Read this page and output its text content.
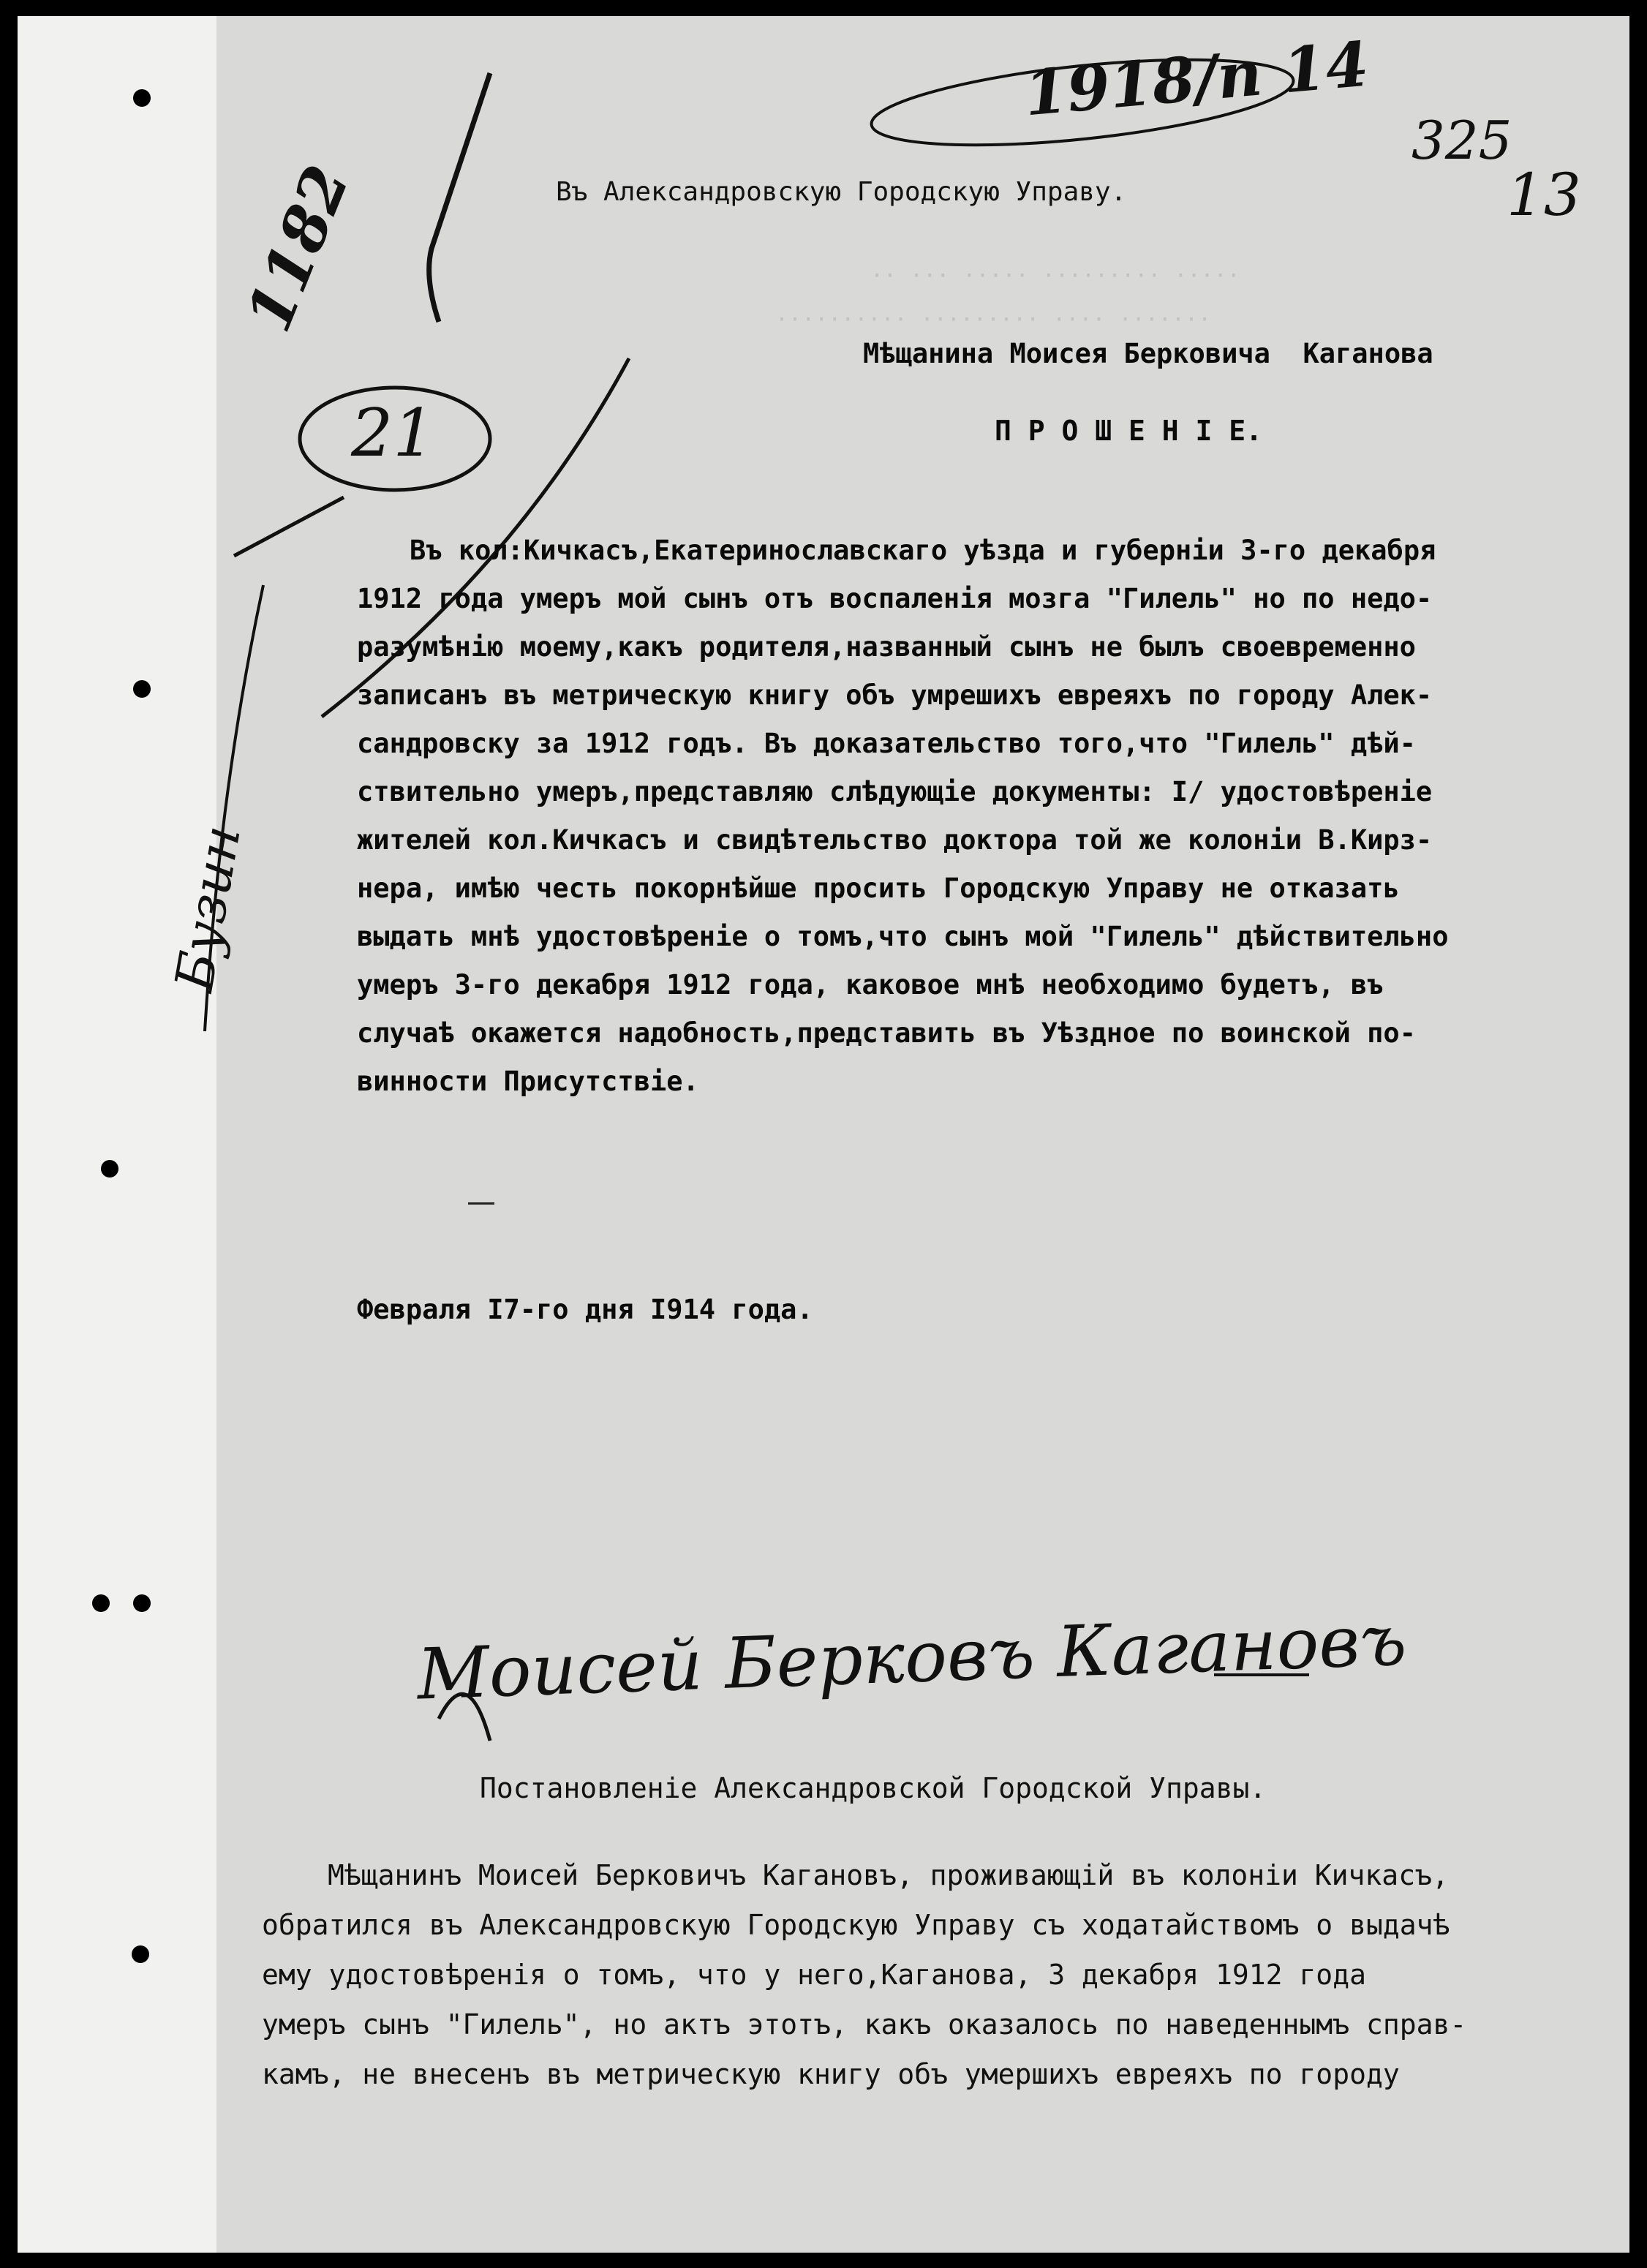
·· ··· ····· ········· ·····
·········· ········· ···· ·······
1918/п 14
325
13
1182
21
Бузин
Въ Александровскую Городскую Управу.
Мѣщанина Моисея Берковича  Каганова
П Р О Ш Е Н І Е.
Въ кол:Кичкасъ,Екатеринославскаго уѣзда и губерніи 3-го декабря
1912 года умеръ мой сынъ отъ воспаленія мозга "Гилель" но по недо-
разумѣнію моему,какъ родителя,названный сынъ не былъ своевременно
записанъ въ метрическую книгу объ умрешихъ евреяхъ по городу Алек-
сандровску за 1912 годъ. Въ доказательство того,что "Гилель" дѣй-
ствительно умеръ,представляю слѣдующіе документы: I/ удостовѣреніе
жителей кол.Кичкасъ и свидѣтельство доктора той же колоніи В.Кирз-
нера, имѣю честь покорнѣйше просить Городскую Управу не отказать
выдать мнѣ удостовѣреніе о томъ,что сынъ мой "Гилель" дѣйствительно
умеръ 3-го декабря 1912 года, каковое мнѣ необходимо будетъ, въ
случаѣ окажется надобность,представить въ Уѣздное по воинской по-
винности Присутствіе.
Февраля I7-го дня I914 года.
Моисей Берковъ Кагановъ
Постановленіе Александровской Городской Управы.
Мѣщанинъ Моисей Берковичъ Кагановъ, проживающій въ колоніи Кичкасъ,
обратился въ Александровскую Городскую Управу съ ходатайствомъ о выдачѣ
ему удостовѣренія о томъ, что у него,Каганова, 3 декабря 1912 года
умеръ сынъ "Гилель", но актъ этотъ, какъ оказалось по наведеннымъ справ-
камъ, не внесенъ въ метрическую книгу объ умершихъ евреяхъ по городу
